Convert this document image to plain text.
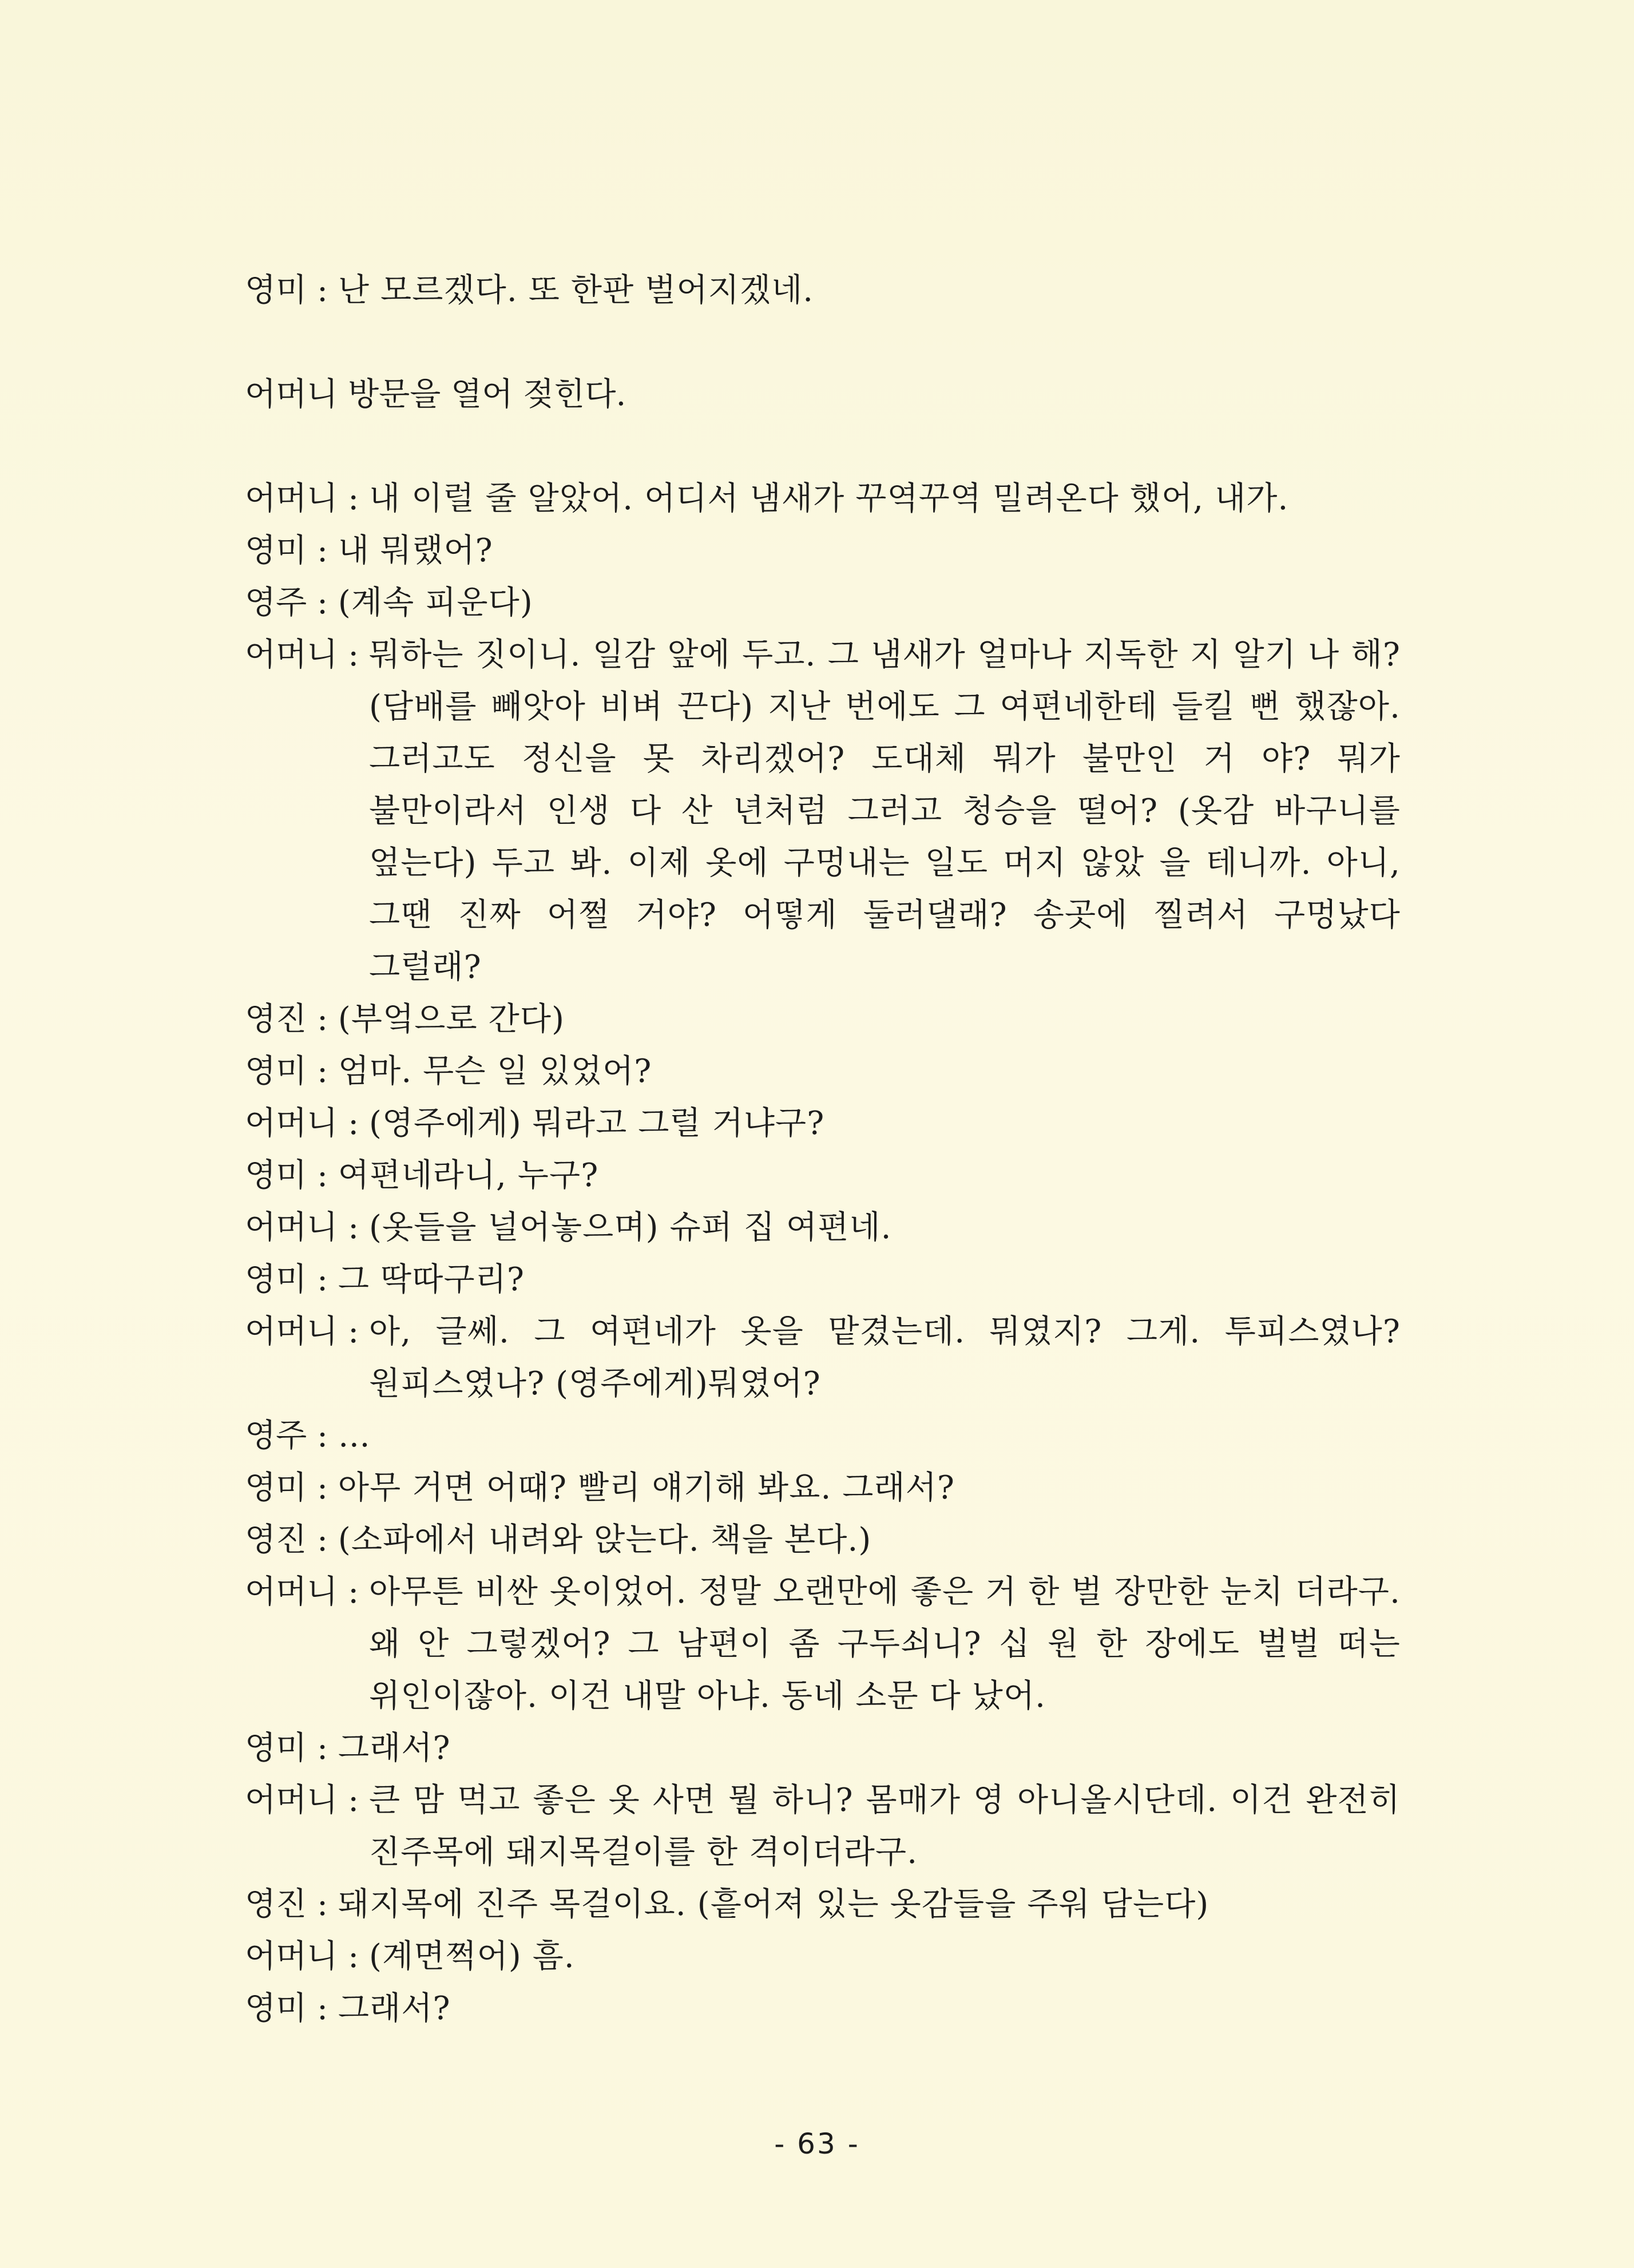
영미 : 난 모르겠다. 또 한판 벌어지겠네.
어머니 방문을 열어 젖힌다.
어머니 : 내 이럴 줄 알았어. 어디서 냄새가 꾸역꾸역 밀려온다 했어, 내가.
영미 : 내 뭐랬어?
영주 : (계속 피운다)
어머니 : 뭐하는 짓이니. 일감 앞에 두고. 그 냄새가 얼마나 지독한 지 알기 나 해? (담배를 빼앗아 비벼 끈다) 지난 번에도 그 여편네한테 들킬 뻔 했잖아. 그러고도 정신을 못 차리겠어? 도대체 뭐가 불만인 거 야? 뭐가 불만이라서 인생 다 산 년처럼 그러고 청승을 떨어? (옷감 바구니를 엎는다) 두고 봐. 이제 옷에 구멍내는 일도 머지 않았 을 테니까. 아니, 그땐 진짜 어쩔 거야? 어떻게 둘러댈래? 송곳에 찔려서 구멍났다 그럴래?
영진 : (부엌으로 간다)
영미 : 엄마. 무슨 일 있었어?
어머니 : (영주에게) 뭐라고 그럴 거냐구?
영미 : 여편네라니, 누구?
어머니 : (옷들을 널어놓으며) 슈퍼 집 여편네.
영미 : 그 딱따구리?
어머니 : 아, 글쎄. 그 여편네가 옷을 맡겼는데. 뭐였지? 그게. 투피스였나? 원피스였나? (영주에게)뭐였어?
영주 : …
영미 : 아무 거면 어때? 빨리 얘기해 봐요. 그래서?
영진 : (소파에서 내려와 앉는다. 책을 본다.)
어머니 : 아무튼 비싼 옷이었어. 정말 오랜만에 좋은 거 한 벌 장만한 눈치 더라구. 왜 안 그렇겠어? 그 남편이 좀 구두쇠니? 십 원 한 장에도 벌벌 떠는 위인이잖아. 이건 내말 아냐. 동네 소문 다 났어.
영미 : 그래서?
어머니 : 큰 맘 먹고 좋은 옷 사면 뭘 하니? 몸매가 영 아니올시단데. 이건 완전히 진주목에 돼지목걸이를 한 격이더라구.
영진 : 돼지목에 진주 목걸이요. (흩어져 있는 옷감들을 주워 담는다)
어머니 : (계면쩍어) 흠.
영미 : 그래서?
- 63 -
